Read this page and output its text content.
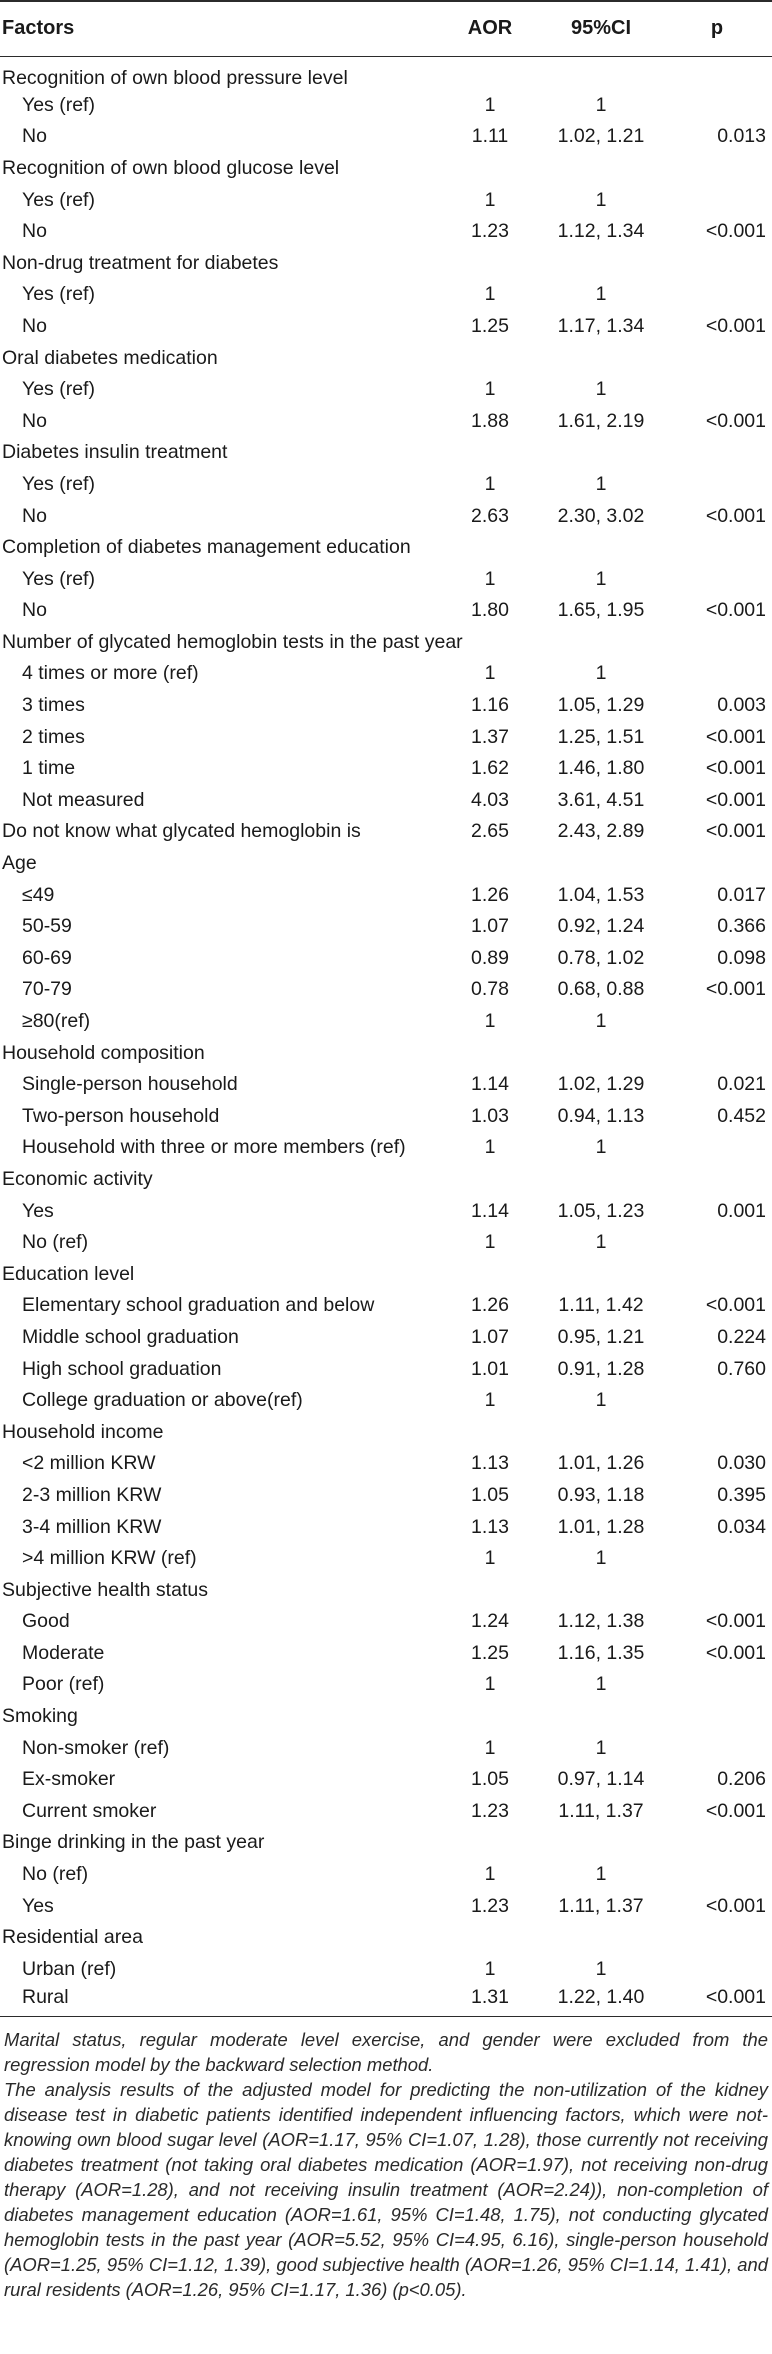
Factors	AOR	95%CI	p
Recognition of own blood pressure level			
Yes (ref)	1	1	
No	1.11	1.02, 1.21	0.013
Recognition of own blood glucose level			
Yes (ref)	1	1	
No	1.23	1.12, 1.34	<0.001
Non-drug treatment for diabetes			
Yes (ref)	1	1	
No	1.25	1.17, 1.34	<0.001
Oral diabetes medication			
Yes (ref)	1	1	
No	1.88	1.61, 2.19	<0.001
Diabetes insulin treatment			
Yes (ref)	1	1	
No	2.63	2.30, 3.02	<0.001
Completion of diabetes management education			
Yes (ref)	1	1	
No	1.80	1.65, 1.95	<0.001
Number of glycated hemoglobin tests in the past year			
4 times or more (ref)	1	1	
3 times	1.16	1.05, 1.29	0.003
2 times	1.37	1.25, 1.51	<0.001
1 time	1.62	1.46, 1.80	<0.001
Not measured	4.03	3.61, 4.51	<0.001
Do not know what glycated hemoglobin is	2.65	2.43, 2.89	<0.001
Age			
≤49	1.26	1.04, 1.53	0.017
50-59	1.07	0.92, 1.24	0.366
60-69	0.89	0.78, 1.02	0.098
70-79	0.78	0.68, 0.88	<0.001
≥80(ref)	1	1	
Household composition			
Single-person household	1.14	1.02, 1.29	0.021
Two-person household	1.03	0.94, 1.13	0.452
Household with three or more members (ref)	1	1	
Economic activity			
Yes	1.14	1.05, 1.23	0.001
No (ref)	1	1	
Education level			
Elementary school graduation and below	1.26	1.11, 1.42	<0.001
Middle school graduation	1.07	0.95, 1.21	0.224
High school graduation	1.01	0.91, 1.28	0.760
College graduation or above(ref)	1	1	
Household income			
<2 million KRW	1.13	1.01, 1.26	0.030
2-3 million KRW	1.05	0.93, 1.18	0.395
3-4 million KRW	1.13	1.01, 1.28	0.034
>4 million KRW (ref)	1	1	
Subjective health status			
Good	1.24	1.12, 1.38	<0.001
Moderate	1.25	1.16, 1.35	<0.001
Poor (ref)	1	1	
Smoking			
Non-smoker (ref)	1	1	
Ex-smoker	1.05	0.97, 1.14	0.206
Current smoker	1.23	1.11, 1.37	<0.001
Binge drinking in the past year			
No (ref)	1	1	
Yes	1.23	1.11, 1.37	<0.001
Residential area			
Urban (ref)	1	1	
Rural	1.31	1.22, 1.40	<0.001

Marital status, regular moderate level exercise, and gender were excluded from the regression model by the backward selection method.

The analysis results of the adjusted model for predicting the non-utilization of the kidney disease test in diabetic patients identified independent influencing factors, which were not-knowing own blood sugar level (AOR=1.17, 95% CI=1.07, 1.28), those currently not receiving diabetes treatment (not taking oral diabetes medication (AOR=1.97), not receiving non-drug therapy (AOR=1.28), and not receiving insulin treatment (AOR=2.24)), non-completion of diabetes management education (AOR=1.61, 95% CI=1.48, 1.75), not conducting glycated hemoglobin tests in the past year (AOR=5.52, 95% CI=4.95, 6.16), single-person household (AOR=1.25, 95% CI=1.12, 1.39), good subjective health (AOR=1.26, 95% CI=1.14, 1.41), and rural residents (AOR=1.26, 95% CI=1.17, 1.36) (p<0.05).
